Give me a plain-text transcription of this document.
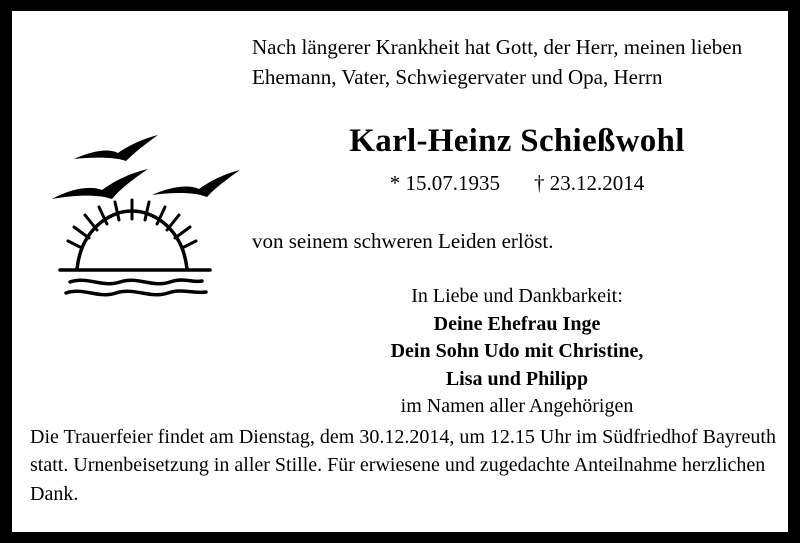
Nach längerer Krankheit hat Gott, der Herr, meinen lieben Ehemann, Vater, Schwiegervater und Opa, Herrn
Karl-Heinz Schießwohl
* 15.07.1935 † 23.12.2014
von seinem schweren Leiden erlöst.
In Liebe und Dankbarkeit:
Deine Ehefrau Inge
Dein Sohn Udo mit Christine,
Lisa und Philipp
im Namen aller Angehörigen
Die Trauerfeier findet am Dienstag, dem 30.12.2014, um 12.15 Uhr im Südfriedhof Bayreuth statt. Urnenbeisetzung in aller Stille. Für erwiesene und zugedachte Anteilnahme herzlichen Dank.
